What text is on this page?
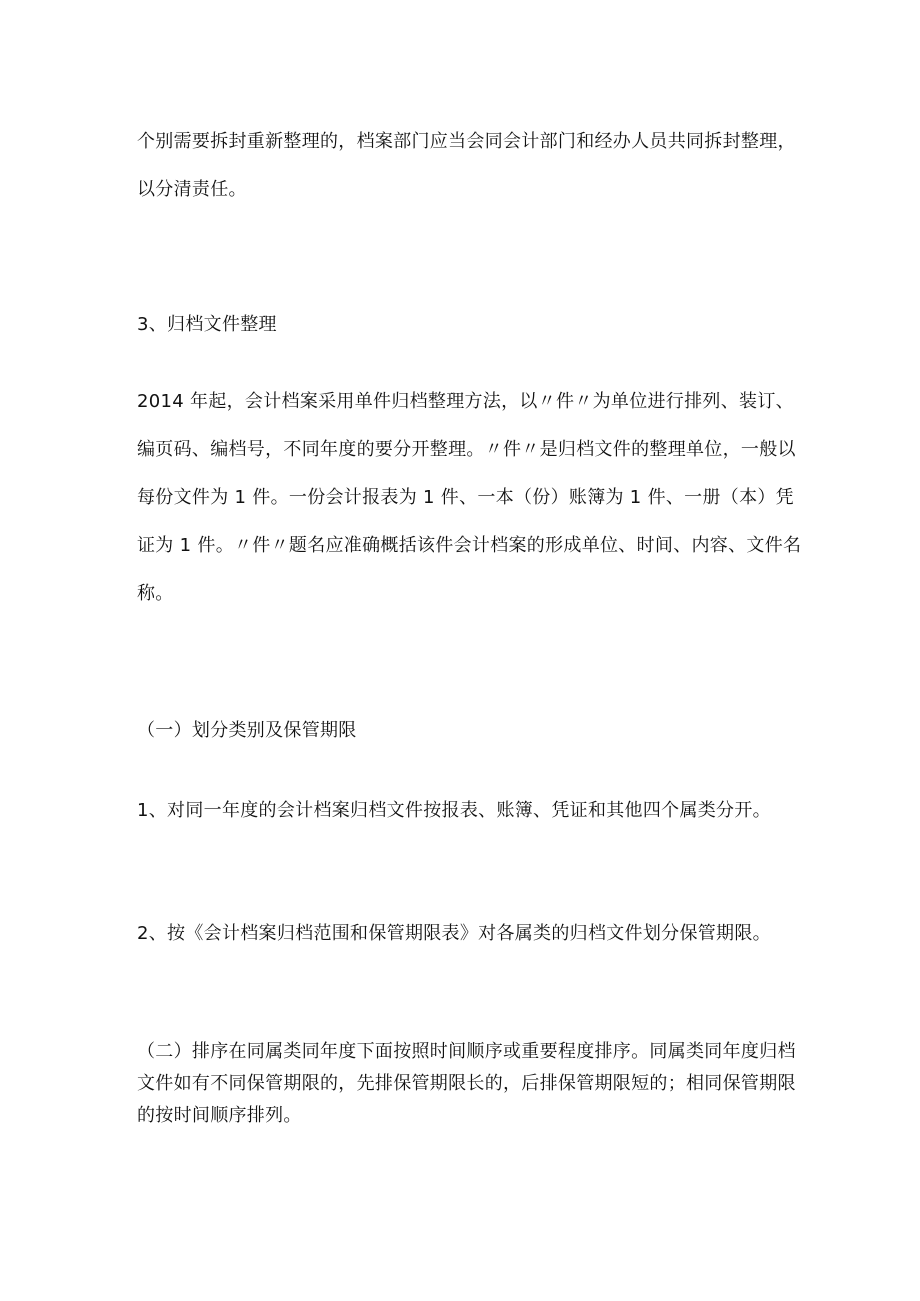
个别需要拆封重新整理的，档案部门应当会同会计部门和经办人员共同拆封整理，以分清责任。

3、归档文件整理

2014 年起，会计档案采用单件归档整理方法，以〃件〃为单位进行排列、装订、编页码、编档号，不同年度的要分开整理。〃件〃是归档文件的整理单位，一般以每份文件为 1 件。一份会计报表为 1 件、一本（份）账簿为 1 件、一册（本）凭证为 1 件。〃件〃题名应准确概括该件会计档案的形成单位、时间、内容、文件名称。

（一）划分类别及保管期限

1、对同一年度的会计档案归档文件按报表、账簿、凭证和其他四个属类分开。

2、按《会计档案归档范围和保管期限表》对各属类的归档文件划分保管期限。

（二）排序在同属类同年度下面按照时间顺序或重要程度排序。同属类同年度归档文件如有不同保管期限的，先排保管期限长的，后排保管期限短的；相同保管期限的按时间顺序排列。
